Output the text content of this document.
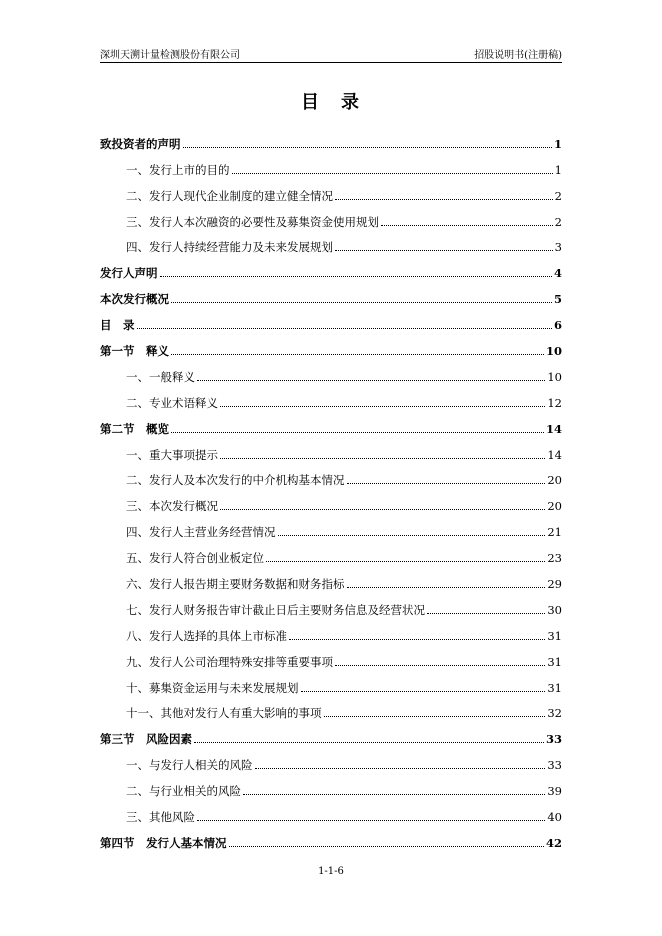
深圳天溯计量检测股份有限公司	招股说明书(注册稿)
目　录
致投资者的声明	1
一、发行上市的目的	1
二、发行人现代企业制度的建立健全情况	2
三、发行人本次融资的必要性及募集资金使用规划	2
四、发行人持续经营能力及未来发展规划	3
发行人声明	4
本次发行概况	5
目　录	6
第一节　释义	10
一、一般释义	10
二、专业术语释义	12
第二节　概览	14
一、重大事项提示	14
二、发行人及本次发行的中介机构基本情况	20
三、本次发行概况	20
四、发行人主营业务经营情况	21
五、发行人符合创业板定位	23
六、发行人报告期主要财务数据和财务指标	29
七、发行人财务报告审计截止日后主要财务信息及经营状况	30
八、发行人选择的具体上市标准	31
九、发行人公司治理特殊安排等重要事项	31
十、募集资金运用与未来发展规划	31
十一、其他对发行人有重大影响的事项	32
第三节　风险因素	33
一、与发行人相关的风险	33
二、与行业相关的风险	39
三、其他风险	40
第四节　发行人基本情况	42
1-1-6
